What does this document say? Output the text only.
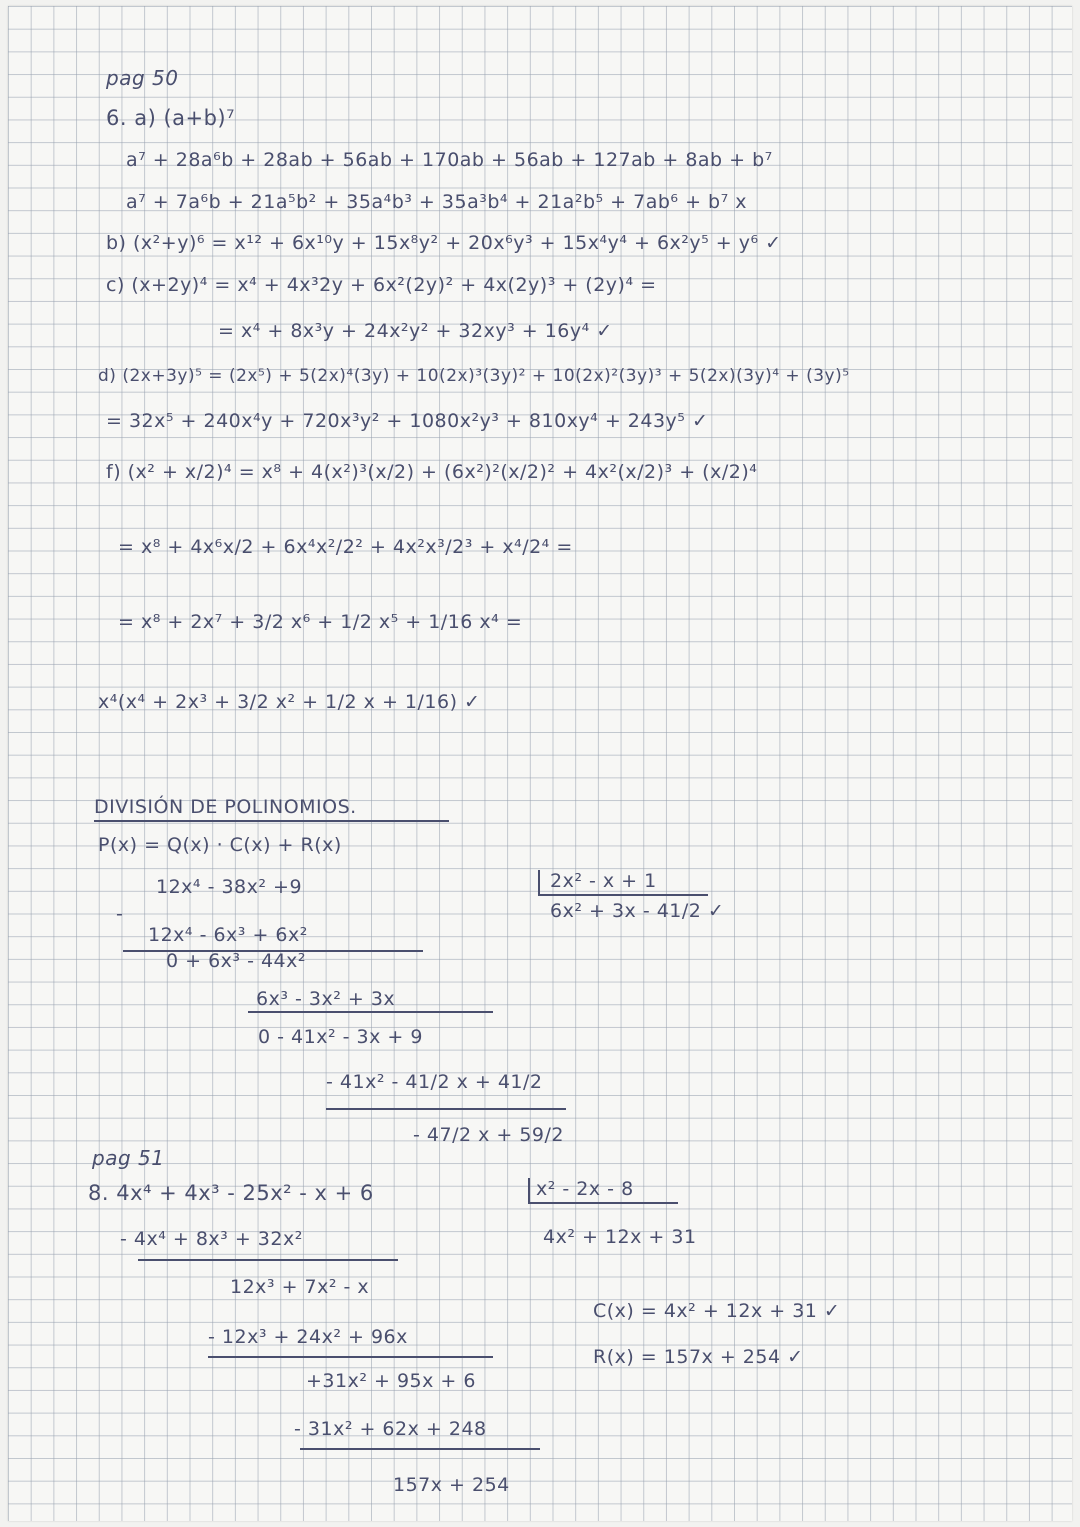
pag 50
6. a) (a+b)⁷
a⁷ + 28a⁶b + 28ab + 56ab + 170ab + 56ab + 127ab + 8ab + b⁷
a⁷ + 7a⁶b + 21a⁵b² + 35a⁴b³ + 35a³b⁴ + 21a²b⁵ + 7ab⁶ + b⁷ x
b) (x²+y)⁶ = x¹² + 6x¹⁰y + 15x⁸y² + 20x⁶y³ + 15x⁴y⁴ + 6x²y⁵ + y⁶ ✓
c) (x+2y)⁴ = x⁴ + 4x³2y + 6x²(2y)² + 4x(2y)³ + (2y)⁴ =
= x⁴ + 8x³y + 24x²y² + 32xy³ + 16y⁴ ✓
d) (2x+3y)⁵ = (2x⁵) + 5(2x)⁴(3y) + 10(2x)³(3y)² + 10(2x)²(3y)³ + 5(2x)(3y)⁴ + (3y)⁵
= 32x⁵ + 240x⁴y + 720x³y² + 1080x²y³ + 810xy⁴ + 243y⁵ ✓
f) (x² + x/2)⁴ = x⁸ + 4(x²)³(x/2) + (6x²)²(x/2)² + 4x²(x/2)³ + (x/2)⁴
= x⁸ + 4x⁶x/2 + 6x⁴x²/2² + 4x²x³/2³ + x⁴/2⁴ =
= x⁸ + 2x⁷ + 3/2 x⁶ + 1/2 x⁵ + 1/16 x⁴ =
x⁴(x⁴ + 2x³ + 3/2 x² + 1/2 x + 1/16) ✓
DIVISIÓN DE POLINOMIOS.
P(x) = Q(x) · C(x) + R(x)
12x⁴ - 38x² +9
-
2x² - x + 1
6x² + 3x - 41/2 ✓
12x⁴ - 6x³ + 6x²
0 + 6x³ - 44x²
6x³ - 3x² + 3x
0 - 41x² - 3x + 9
- 41x² - 41/2 x + 41/2
- 47/2 x + 59/2
pag 51
8. 4x⁴ + 4x³ - 25x² - x + 6	x² - 2x - 8
4x² + 12x + 31
- 4x⁴ + 8x³ + 32x²
12x³ + 7x² - x
- 12x³ + 24x² + 96x
+31x² + 95x + 6
- 31x² + 62x + 248
157x + 254
C(x) = 4x² + 12x + 31 ✓
R(x) = 157x + 254 ✓
